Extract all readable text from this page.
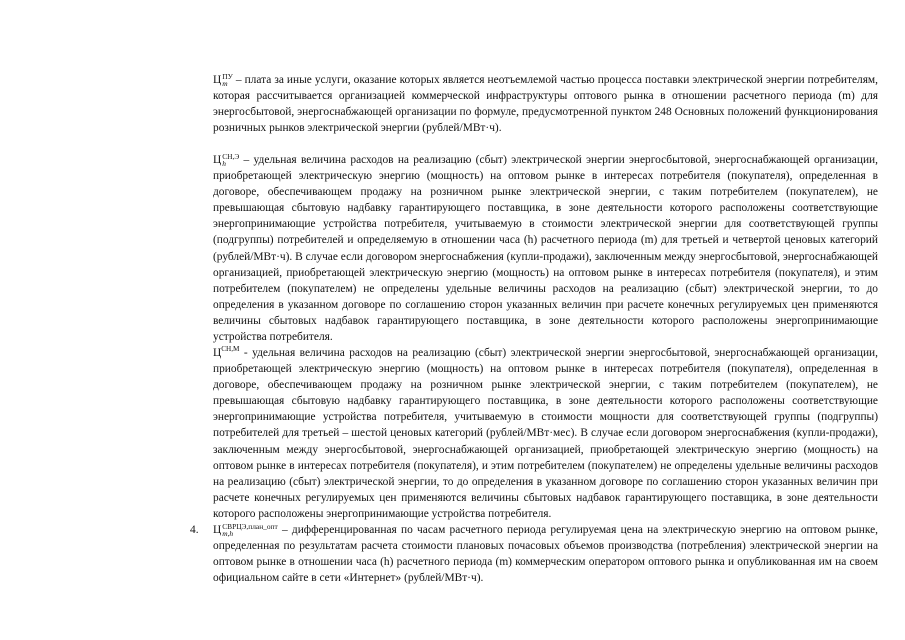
Ц ПУ
m – плата за иные услуги, оказание которых является неотъемлемой частью процесса поставки электрической энергии потребителям, которая рассчитывается организацией коммерческой инфраструктуры оптового рынка в отношении расчетного периода (m) для энергосбытовой, энергоснабжающей организации по формуле, предусмотренной пунктом 248 Основных положений функционирования розничных рынков электрической энергии (рублей/МВт·ч).

Ц СН,Э
h	– удельная величина расходов на реализацию (сбыт) электрической энергии энергосбытовой, энергоснабжающей организации, приобретающей электрическую энергию (мощность) на оптовом рынке в интересах потребителя (покупателя), определенная в договоре, обеспечивающем продажу на розничном рынке электрической энергии, с таким потребителем (покупателем), не превышающая сбытовую надбавку гарантирующего поставщика, в зоне деятельности которого расположены соответствующие энергопринимающие устройства потребителя, учитываемую в стоимости электрической энергии для соответствующей группы (подгруппы) потребителей и определяемую в отношении часа (h) расчетного периода (m) для третьей и четвертой ценовых категорий (рублей/МВт·ч). В случае если договором энергоснабжения (купли-продажи), заключенным между энергосбытовой, энергоснабжающей организацией, приобретающей электрическую энергию (мощность) на оптовом рынке в интересах потребителя (покупателя), и этим потребителем (покупателем) не определены удельные величины расходов на реализацию (сбыт) электрической энергии, то до определения в указанном договоре по соглашению сторон указанных величин при расчете конечных регулируемых цен применяются величины сбытовых надбавок гарантирующего поставщика, в зоне деятельности которого расположены энергопринимающие устройства потребителя.

$Ц^{СН,М}$ - удельная величина расходов на реализацию (сбыт) электрической энергии энергосбытовой, энергоснабжающей организации, приобретающей электрическую энергию (мощность) на оптовом рынке в интересах потребителя (покупателя), определенная в договоре, обеспечивающем продажу на розничном рынке электрической энергии, с таким потребителем (покупателем), не превышающая сбытовую надбавку гарантирующего поставщика, в зоне деятельности которого расположены соответствующие энергопринимающие устройства потребителя, учитываемую в стоимости мощности для соответствующей группы (подгруппы) потребителей для третьей – шестой ценовых категорий (рублей/МВт·мес). В случае если договором энергоснабжения (купли-продажи), заключенным между энергосбытовой, энергоснабжающей организацией, приобретающей электрическую энергию (мощность) на оптовом рынке в интересах потребителя (покупателя), и этим потребителем (покупателем) не определены удельные величины расходов на реализацию (сбыт) электрической энергии, то до определения в указанном договоре по соглашению сторон указанных величин при расчете конечных регулируемых цен применяются величины сбытовых надбавок гарантирующего поставщика, в зоне деятельности которого расположены энергопринимающие устройства потребителя.

4. Ц СВРЦЭ,план_опт
m,h	– дифференцированная по часам расчетного периода регулируемая цена на электрическую энергию на оптовом рынке, определенная по результатам расчета стоимости плановых почасовых объемов производства (потребления) электрической энергии на оптовом рынке в отношении часа (h) расчетного периода (m) коммерческим оператором оптового рынка и опубликованная им на своем официальном сайте в сети «Интернет» (рублей/МВт·ч).
